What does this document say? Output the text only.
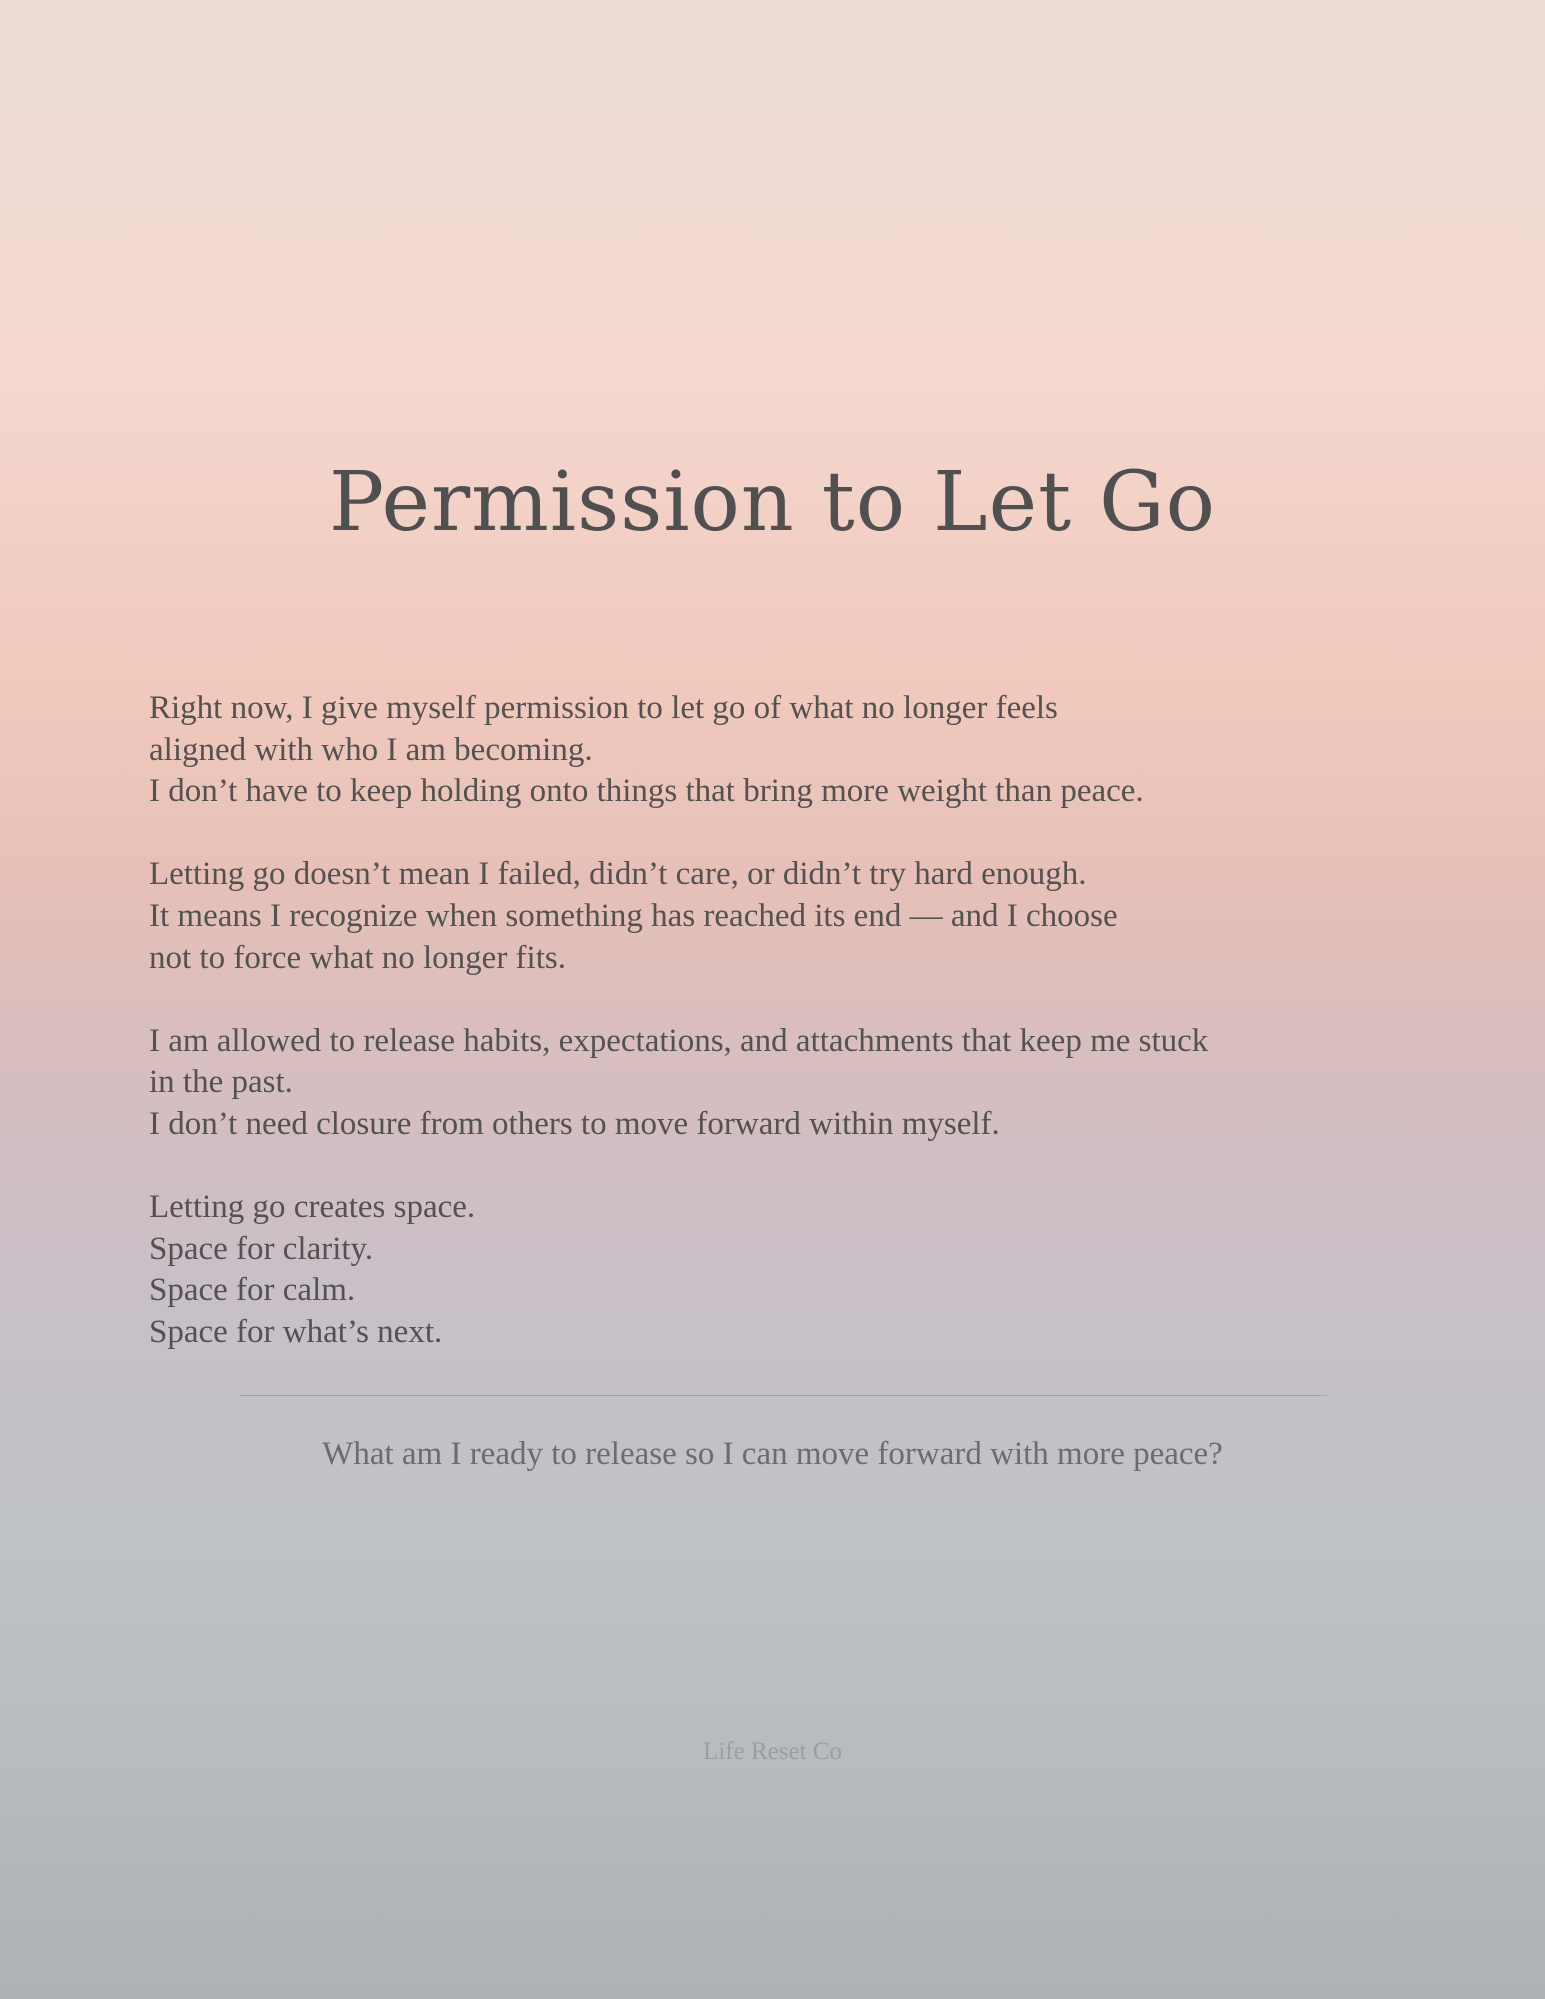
Permission to Let Go

Right now, I give myself permission to let go of what no longer feels
aligned with who I am becoming.
I don’t have to keep holding onto things that bring more weight than peace.

Letting go doesn’t mean I failed, didn’t care, or didn’t try hard enough.
It means I recognize when something has reached its end — and I choose
not to force what no longer fits.

I am allowed to release habits, expectations, and attachments that keep me stuck
in the past.
I don’t need closure from others to move forward within myself.

Letting go creates space.
Space for clarity.
Space for calm.
Space for what’s next.

What am I ready to release so I can move forward with more peace?
Life Reset Co
